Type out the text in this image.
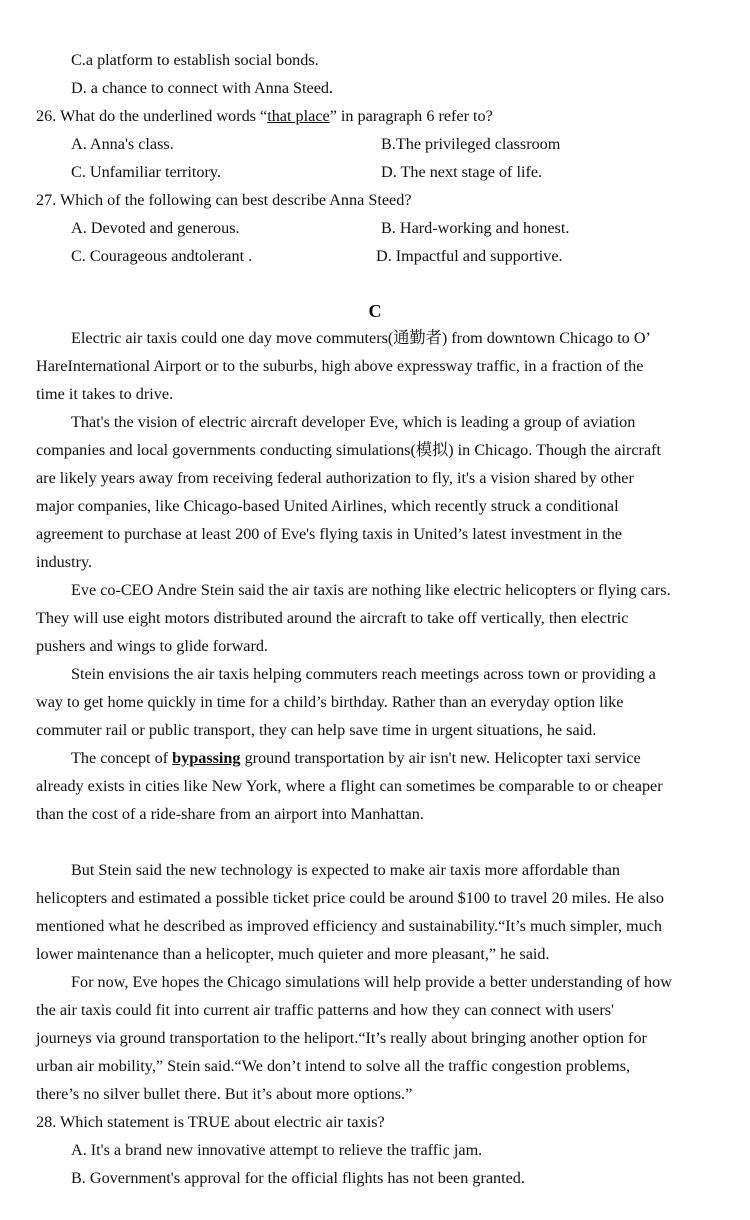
C.a platform to establish social bonds.
D. a chance to connect with Anna Steed.
26. What do the underlined words “that place” in paragraph 6 refer to?
A. Anna's class.	B.The privileged classroom
C. Unfamiliar territory.	D. The next stage of life.
27. Which of the following can best describe Anna Steed?
A. Devoted and generous.	B. Hard-working and honest.
C. Courageous andtolerant .	D. Impactful and supportive.
C
Electric air taxis could one day move commuters(通勤者) from downtown Chicago to O’
HareInternational Airport or to the suburbs, high above expressway traffic, in a fraction of the
time it takes to drive.
That's the vision of electric aircraft developer Eve, which is leading a group of aviation
companies and local governments conducting simulations(模拟) in Chicago. Though the aircraft
are likely years away from receiving federal authorization to fly, it's a vision shared by other
major companies, like Chicago-based United Airlines, which recently struck a conditional
agreement to purchase at least 200 of Eve's flying taxis in United’s latest investment in the
industry.
Eve co-CEO Andre Stein said the air taxis are nothing like electric helicopters or flying cars.
They will use eight motors distributed around the aircraft to take off vertically, then electric
pushers and wings to glide forward.
Stein envisions the air taxis helping commuters reach meetings across town or providing a
way to get home quickly in time for a child’s birthday. Rather than an everyday option like
commuter rail or public transport, they can help save time in urgent situations, he said.
The concept of bypassing ground transportation by air isn't new. Helicopter taxi service
already exists in cities like New York, where a flight can sometimes be comparable to or cheaper
than the cost of a ride-share from an airport into Manhattan.
But Stein said the new technology is expected to make air taxis more affordable than
helicopters and estimated a possible ticket price could be around $100 to travel 20 miles. He also
mentioned what he described as improved efficiency and sustainability.“It’s much simpler, much
lower maintenance than a helicopter, much quieter and more pleasant,” he said.
For now, Eve hopes the Chicago simulations will help provide a better understanding of how
the air taxis could fit into current air traffic patterns and how they can connect with users'
journeys via ground transportation to the heliport.“It’s really about bringing another option for
urban air mobility,” Stein said.“We don’t intend to solve all the traffic congestion problems,
there’s no silver bullet there. But it’s about more options.”
28. Which statement is TRUE about electric air taxis?
A. It's a brand new innovative attempt to relieve the traffic jam.
B. Government's approval for the official flights has not been granted.
